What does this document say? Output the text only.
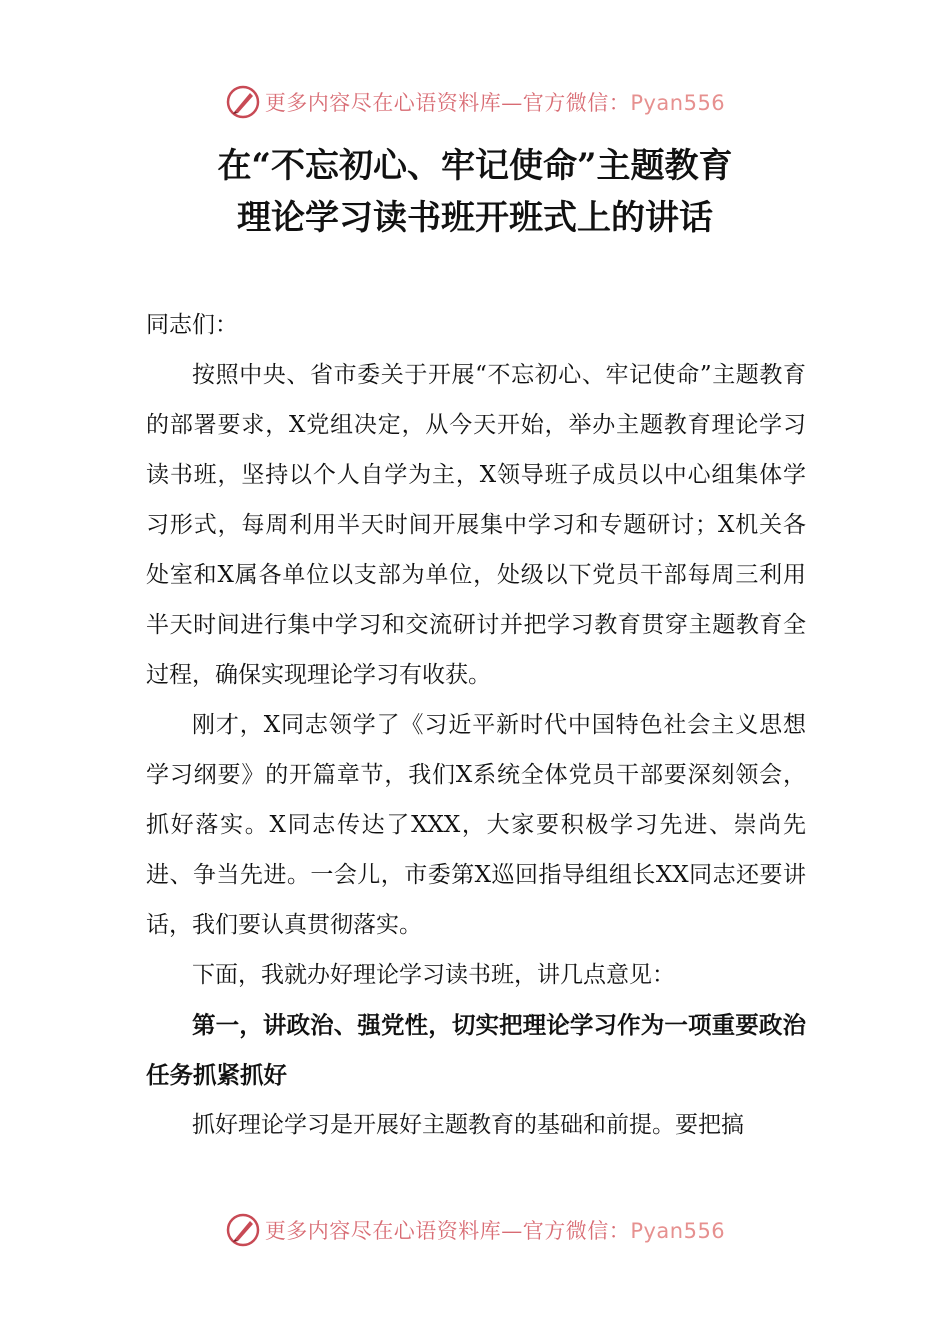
更多内容尽在心语资料库—官方微信：Pyan556
在“不忘初心、牢记使命”主题教育
理论学习读书班开班式上的讲话

同志们：

按照中央、省市委关于开展“不忘初心、牢记使命”主题教育的部署要求，X党组决定，从今天开始，举办主题教育理论学习读书班，坚持以个人自学为主，X领导班子成员以中心组集体学习形式，每周利用半天时间开展集中学习和专题研讨；X机关各处室和X属各单位以支部为单位，处级以下党员干部每周三利用半天时间进行集中学习和交流研讨并把学习教育贯穿主题教育全过程，确保实现理论学习有收获。

刚才，X同志领学了《习近平新时代中国特色社会主义思想学习纲要》的开篇章节，我们X系统全体党员干部要深刻领会，抓好落实。X同志传达了XXX，大家要积极学习先进、崇尚先进、争当先进。一会儿，市委第X巡回指导组组长XX同志还要讲话，我们要认真贯彻落实。

下面，我就办好理论学习读书班，讲几点意见：

第一，讲政治、强党性，切实把理论学习作为一项重要政治任务抓紧抓好

抓好理论学习是开展好主题教育的基础和前提。要把搞

更多内容尽在心语资料库—官方微信：Pyan556
